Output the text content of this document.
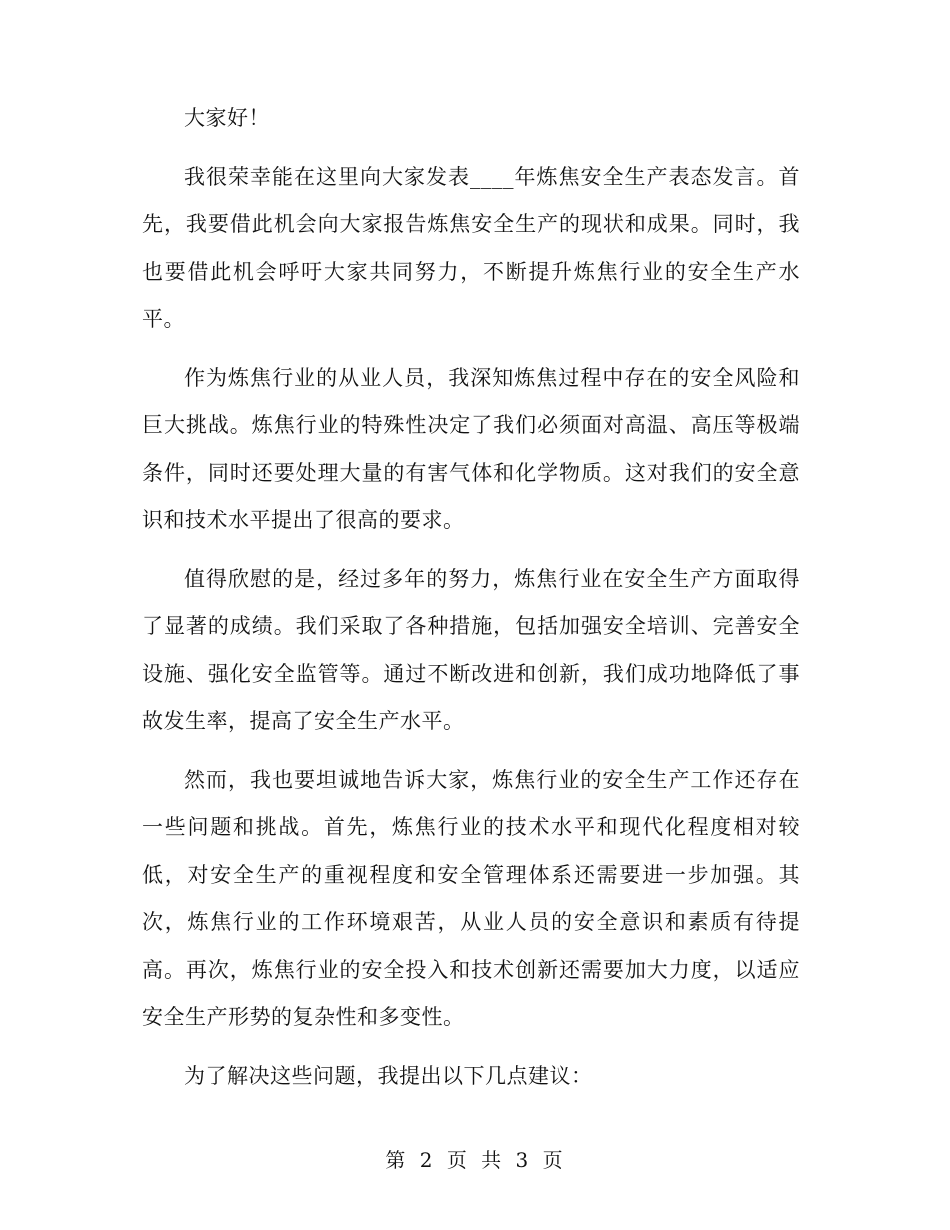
大家好！

我很荣幸能在这里向大家发表____年炼焦安全生产表态发言。首先，我要借此机会向大家报告炼焦安全生产的现状和成果。同时，我也要借此机会呼吁大家共同努力，不断提升炼焦行业的安全生产水平。

作为炼焦行业的从业人员，我深知炼焦过程中存在的安全风险和巨大挑战。炼焦行业的特殊性决定了我们必须面对高温、高压等极端条件，同时还要处理大量的有害气体和化学物质。这对我们的安全意识和技术水平提出了很高的要求。

值得欣慰的是，经过多年的努力，炼焦行业在安全生产方面取得了显著的成绩。我们采取了各种措施，包括加强安全培训、完善安全设施、强化安全监管等。通过不断改进和创新，我们成功地降低了事故发生率，提高了安全生产水平。

然而，我也要坦诚地告诉大家，炼焦行业的安全生产工作还存在一些问题和挑战。首先，炼焦行业的技术水平和现代化程度相对较低，对安全生产的重视程度和安全管理体系还需要进一步加强。其次，炼焦行业的工作环境艰苦，从业人员的安全意识和素质有待提高。再次，炼焦行业的安全投入和技术创新还需要加大力度，以适应安全生产形势的复杂性和多变性。

为了解决这些问题，我提出以下几点建议：

第 2 页 共 3 页
